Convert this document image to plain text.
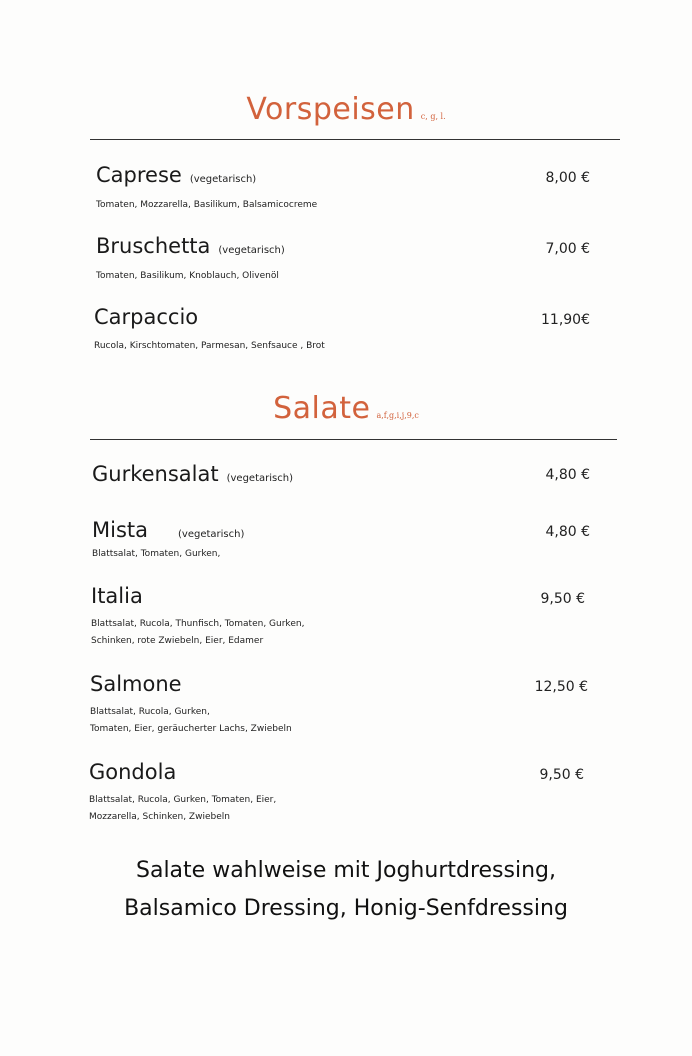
Vorspeisen c, g, l.
Caprese (vegetarisch)	8,00 €
Tomaten, Mozzarella, Basilikum, Balsamicocreme
Bruschetta (vegetarisch)	7,00 €
Tomaten, Basilikum, Knoblauch, Olivenöl
Carpaccio	11,90€
Rucola, Kirschtomaten, Parmesan, Senfsauce , Brot
Salate a,f,g,i,j,9,c
Gurkensalat (vegetarisch)	4,80 €
Mista	(vegetarisch)	4,80 €
Blattsalat, Tomaten, Gurken,
Italia	9,50 €
Blattsalat, Rucola, Thunfisch, Tomaten, Gurken,
Schinken, rote Zwiebeln, Eier, Edamer
Salmone	12,50 €
Blattsalat, Rucola, Gurken,
Tomaten, Eier, geräucherter Lachs, Zwiebeln
Gondola	9,50 €
Blattsalat, Rucola, Gurken, Tomaten, Eier,
Mozzarella, Schinken, Zwiebeln
Salate wahlweise mit Joghurtdressing,
Balsamico Dressing, Honig-Senfdressing
